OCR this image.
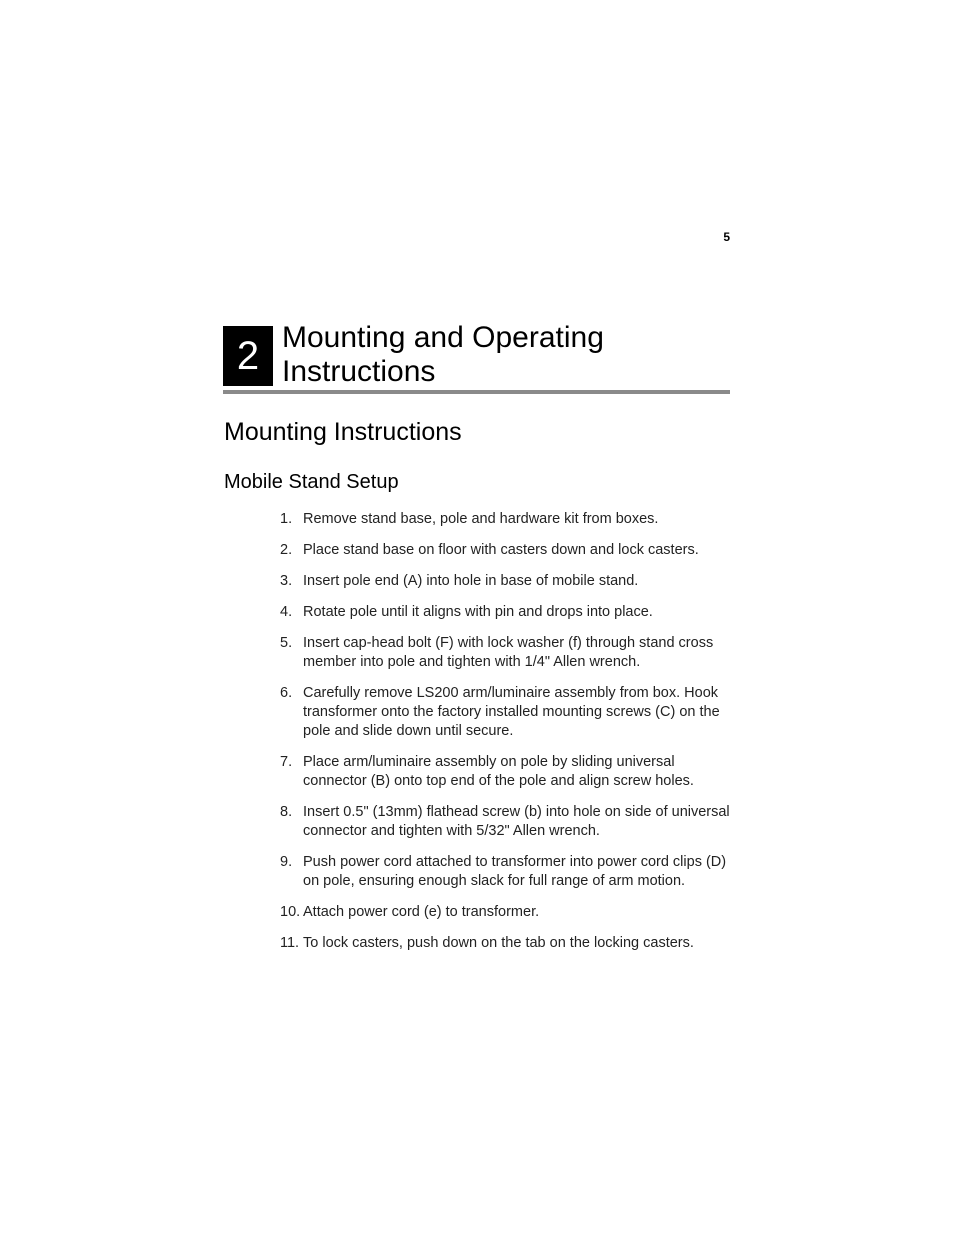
5
2 Mounting and Operating
Instructions
Mounting Instructions
Mobile Stand Setup
1. Remove stand base, pole and hardware kit from boxes.
2. Place stand base on floor with casters down and lock casters.
3. Insert pole end (A) into hole in base of mobile stand.
4. Rotate pole until it aligns with pin and drops into place.
5. Insert cap-head bolt (F) with lock washer (f) through stand cross member into pole and tighten with 1/4" Allen wrench.
6. Carefully remove LS200 arm/luminaire assembly from box. Hook transformer onto the factory installed mounting screws (C) on the pole and slide down until secure.
7. Place arm/luminaire assembly on pole by sliding universal connector (B) onto top end of the pole and align screw holes.
8. Insert 0.5" (13mm) flathead screw (b) into hole on side of universal connector and tighten with 5/32" Allen wrench.
9. Push power cord attached to transformer into power cord clips (D) on pole, ensuring enough slack for full range of arm motion.
10. Attach power cord (e) to transformer.
11. To lock casters, push down on the tab on the locking casters.
